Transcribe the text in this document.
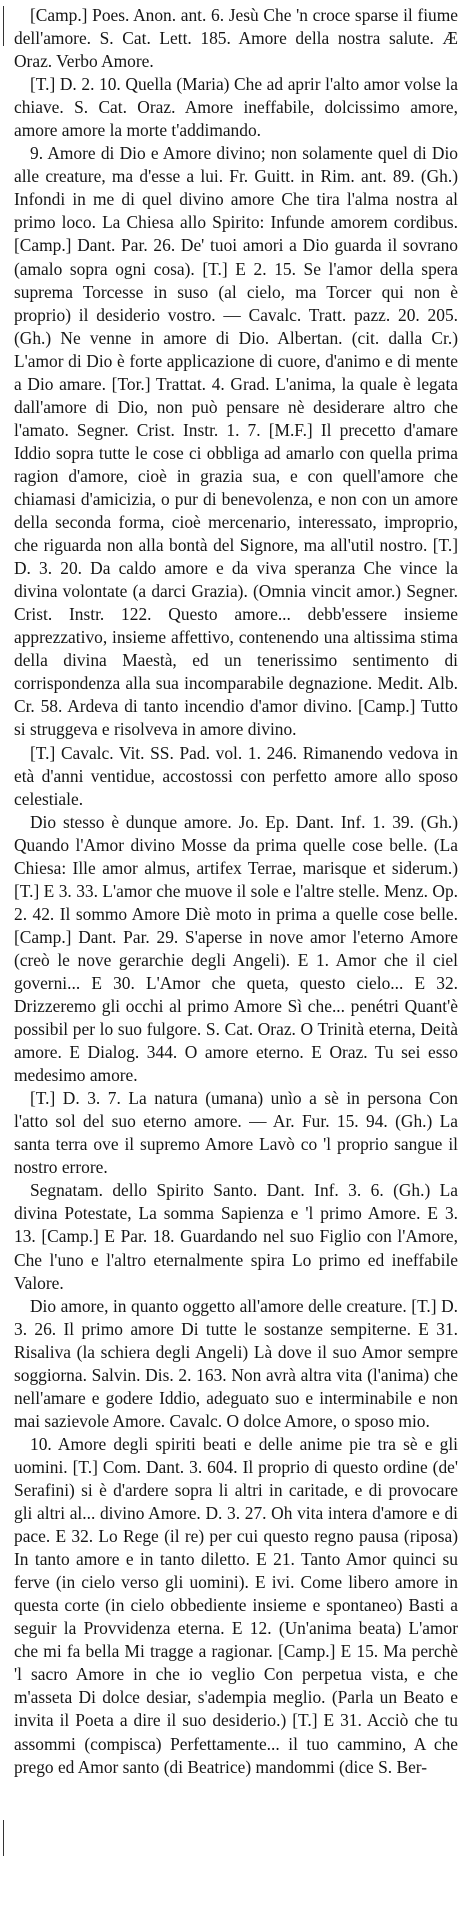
[Camp.] Poes. Anon. ant. 6. Jesù Che 'n croce sparse il fiume dell'amore. S. Cat. Lett. 185. Amore della nostra salute. Æ Oraz. Verbo Amore.

[T.] D. 2. 10. Quella (Maria) Che ad aprir l'alto amor volse la chiave. S. Cat. Oraz. Amore ineffabile, dolcissimo amore, amore amore la morte t'addimando.

9. Amore di Dio e Amore divino; non solamente quel di Dio alle creature, ma d'esse a lui. Fr. Guitt. in Rim. ant. 89. (Gh.) Infondi in me di quel divino amore Che tira l'alma nostra al primo loco. La Chiesa allo Spirito: Infunde amorem cordibus. [Camp.] Dant. Par. 26. De' tuoi amori a Dio guarda il sovrano (amalo sopra ogni cosa). [T.] E 2. 15. Se l'amor della spera suprema Torcesse in suso (al cielo, ma Torcer qui non è proprio) il desiderio vostro. — Cavalc. Tratt. pazz. 20. 205. (Gh.) Ne venne in amore di Dio. Albertan. (cit. dalla Cr.) L'amor di Dio è forte applicazione di cuore, d'animo e di mente a Dio amare. [Tor.] Trattat. 4. Grad. L'anima, la quale è legata dall'amore di Dio, non può pensare nè desiderare altro che l'amato. Segner. Crist. Instr. 1. 7. [M.F.] Il precetto d'amare Iddio sopra tutte le cose ci obbliga ad amarlo con quella prima ragion d'amore, cioè in grazia sua, e con quell'amore che chiamasi d'amicizia, o pur di benevolenza, e non con un amore della seconda forma, cioè mercenario, interessato, improprio, che riguarda non alla bontà del Signore, ma all'util nostro. [T.] D. 3. 20. Da caldo amore e da viva speranza Che vince la divina volontate (a darci Grazia). (Omnia vincit amor.) Segner. Crist. Instr. 122. Questo amore... debb'essere insieme apprezzativo, insieme affettivo, contenendo una altissima stima della divina Maestà, ed un tenerissimo sentimento di corrispondenza alla sua incomparabile degnazione. Medit. Alb. Cr. 58. Ardeva di tanto incendio d'amor divino. [Camp.] Tutto si struggeva e risolveva in amore divino.

[T.] Cavalc. Vit. SS. Pad. vol. 1. 246. Rimanendo vedova in età d'anni ventidue, accostossi con perfetto amore allo sposo celestiale.

Dio stesso è dunque amore. Jo. Ep. Dant. Inf. 1. 39. (Gh.) Quando l'Amor divino Mosse da prima quelle cose belle. (La Chiesa: Ille amor almus, artifex Terrae, marisque et siderum.) [T.] E 3. 33. L'amor che muove il sole e l'altre stelle. Menz. Op. 2. 42. Il sommo Amore Diè moto in prima a quelle cose belle. [Camp.] Dant. Par. 29. S'aperse in nove amor l'eterno Amore (creò le nove gerarchie degli Angeli). E 1. Amor che il ciel governi... E 30. L'Amor che queta, questo cielo... E 32. Drizzeremo gli occhi al primo Amore Sì che... penétri Quant'è possibil per lo suo fulgore. S. Cat. Oraz. O Trinità eterna, Deità amore. E Dialog. 344. O amore eterno. E Oraz. Tu sei esso medesimo amore.

[T.] D. 3. 7. La natura (umana) unìo a sè in persona Con l'atto sol del suo eterno amore. — Ar. Fur. 15. 94. (Gh.) La santa terra ove il supremo Amore Lavò co 'l proprio sangue il nostro errore.

Segnatam. dello Spirito Santo. Dant. Inf. 3. 6. (Gh.) La divina Potestate, La somma Sapienza e 'l primo Amore. E 3. 13. [Camp.] E Par. 18. Guardando nel suo Figlio con l'Amore, Che l'uno e l'altro eternalmente spira Lo primo ed ineffabile Valore.

Dio amore, in quanto oggetto all'amore delle creature. [T.] D. 3. 26. Il primo amore Di tutte le sostanze sempiterne. E 31. Risaliva (la schiera degli Angeli) Là dove il suo Amor sempre soggiorna. Salvin. Dis. 2. 163. Non avrà altra vita (l'anima) che nell'amare e godere Iddio, adeguato suo e interminabile e non mai sazievole Amore. Cavalc. O dolce Amore, o sposo mio.

10. Amore degli spiriti beati e delle anime pie tra sè e gli uomini. [T.] Com. Dant. 3. 604. Il proprio di questo ordine (de' Serafini) si è d'ardere sopra li altri in caritade, e di provocare gli altri al... divino Amore. D. 3. 27. Oh vita intera d'amore e di pace. E 32. Lo Rege (il re) per cui questo regno pausa (riposa) In tanto amore e in tanto diletto. E 21. Tanto Amor quinci su ferve (in cielo verso gli uomini). E ivi. Come libero amore in questa corte (in cielo obbediente insieme e spontaneo) Basti a seguir la Provvidenza eterna. E 12. (Un'anima beata) L'amor che mi fa bella Mi tragge a ragionar. [Camp.] E 15. Ma perchè 'l sacro Amore in che io veglio Con perpetua vista, e che m'asseta Di dolce desiar, s'adempia meglio. (Parla un Beato e invita il Poeta a dire il suo desiderio.) [T.] E 31. Acciò che tu assommi (compisca) Perfettamente... il tuo cammino, A che prego ed Amor santo (di Beatrice) mandommi (dice S. Ber-
